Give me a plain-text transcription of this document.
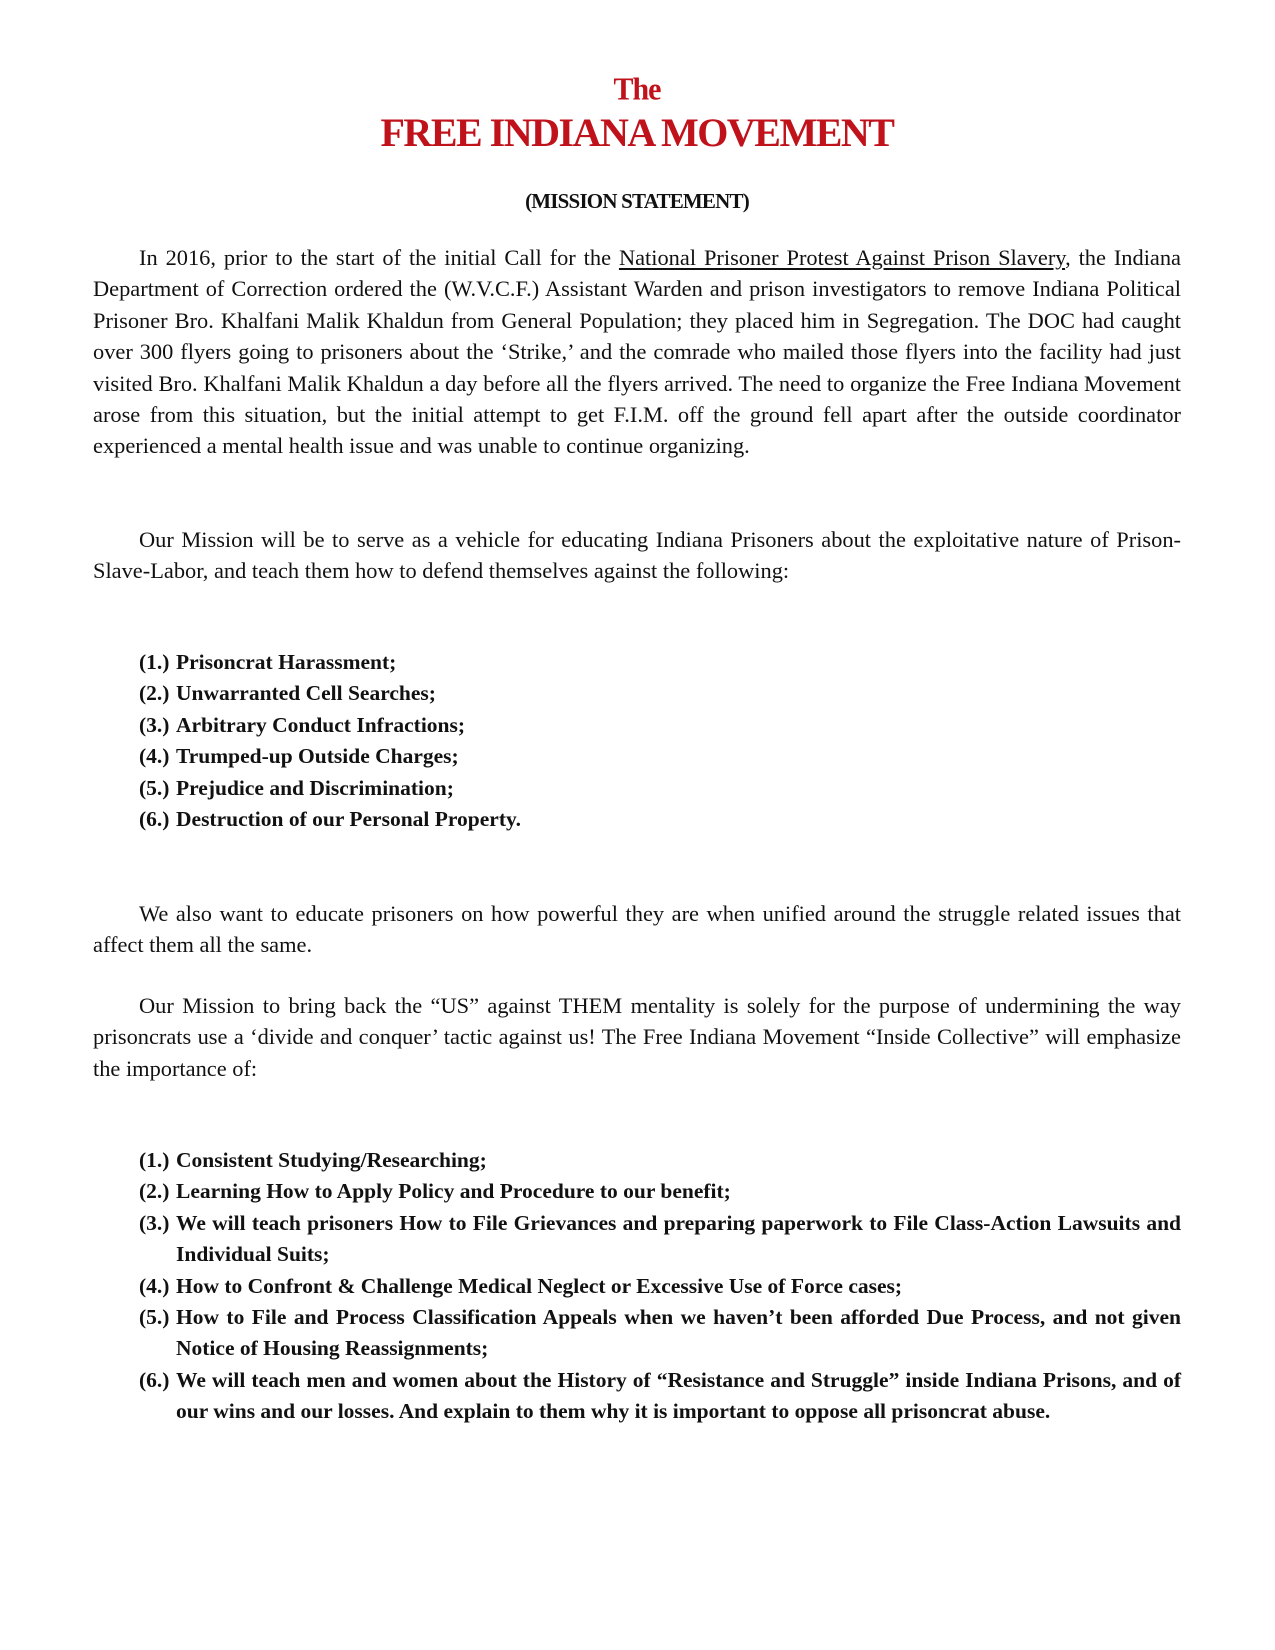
The
FREE INDIANA MOVEMENT
(MISSION STATEMENT)

In 2016, prior to the start of the initial Call for the National Prisoner Protest Against Prison Slavery, the Indiana Department of Correction ordered the (W.V.C.F.) Assistant Warden and prison investigators to remove Indiana Political Prisoner Bro. Khalfani Malik Khaldun from General Population; they placed him in Segregation. The DOC had caught over 300 flyers going to prisoners about the ‘Strike,’ and the comrade who mailed those flyers into the facility had just visited Bro. Khalfani Malik Khaldun a day before all the flyers arrived. The need to organize the Free Indiana Movement arose from this situation, but the initial attempt to get F.I.M. off the ground fell apart after the outside coordinator experienced a mental health issue and was unable to continue organizing.

Our Mission will be to serve as a vehicle for educating Indiana Prisoners about the exploitative nature of Prison-Slave-Labor, and teach them how to defend themselves against the following:

(1.) Prisoncrat Harassment;
(2.) Unwarranted Cell Searches;
(3.) Arbitrary Conduct Infractions;
(4.) Trumped-up Outside Charges;
(5.) Prejudice and Discrimination;
(6.) Destruction of our Personal Property.

We also want to educate prisoners on how powerful they are when unified around the struggle related issues that affect them all the same.

Our Mission to bring back the “US” against THEM mentality is solely for the purpose of undermining the way prisoncrats use a ‘divide and conquer’ tactic against us! The Free Indiana Movement “Inside Collective” will emphasize the importance of:

(1.) Consistent Studying/Researching;
(2.) Learning How to Apply Policy and Procedure to our benefit;
(3.) We will teach prisoners How to File Grievances and preparing paperwork to File Class-Action Lawsuits and Individual Suits;
(4.) How to Confront & Challenge Medical Neglect or Excessive Use of Force cases;
(5.) How to File and Process Classification Appeals when we haven’t been afforded Due Process, and not given Notice of Housing Reassignments;
(6.) We will teach men and women about the History of “Resistance and Struggle” inside Indiana Prisons, and of our wins and our losses. And explain to them why it is important to oppose all prisoncrat abuse.
